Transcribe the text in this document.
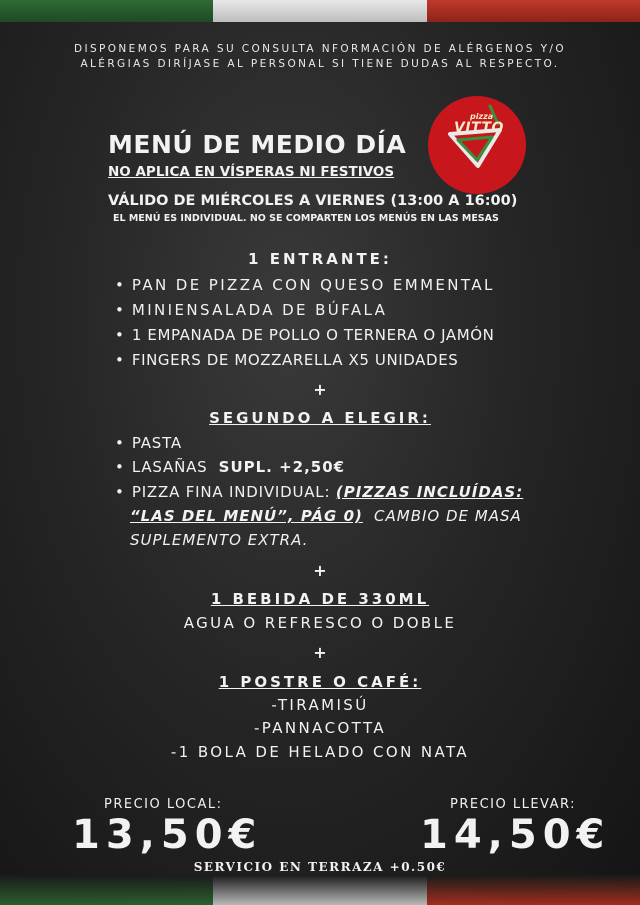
DISPONEMOS PARA SU CONSULTA NFORMACIÓN DE ALÉRGENOS Y/O
ALÉRGIAS DIRÍJASE AL PERSONAL SI TIENE DUDAS AL RESPECTO.
pizza
VITTO
MENÚ DE MEDIO DÍA
NO APLICA EN VÍSPERAS NI FESTIVOS
VÁLIDO DE MIÉRCOLES A VIERNES (13:00 A 16:00)
EL MENÚ ES INDIVIDUAL. NO SE COMPARTEN LOS MENÚS EN LAS MESAS
1 ENTRANTE:
• PAN DE PIZZA CON QUESO EMMENTAL
• MINIENSALADA DE BÚFALA
• 1 EMPANADA DE POLLO O TERNERA O JAMÓN
• FINGERS DE MOZZARELLA X5 UNIDADES
+
SEGUNDO A ELEGIR:
• PASTA
• LASAÑAS SUPL. +2,50€
• PIZZA FINA INDIVIDUAL: (PIZZAS INCLUÍDAS:
“LAS DEL MENÚ”, PÁG 0) CAMBIO DE MASA
SUPLEMENTO EXTRA.
+
1 BEBIDA DE 330ML
AGUA O REFRESCO O DOBLE
+
1 POSTRE O CAFÉ:
-TIRAMISÚ
-PANNACOTTA
-1 BOLA DE HELADO CON NATA
PRECIO LOCAL:
13,50€
PRECIO LLEVAR:
14,50€
SERVICIO EN TERRAZA +0.50€
